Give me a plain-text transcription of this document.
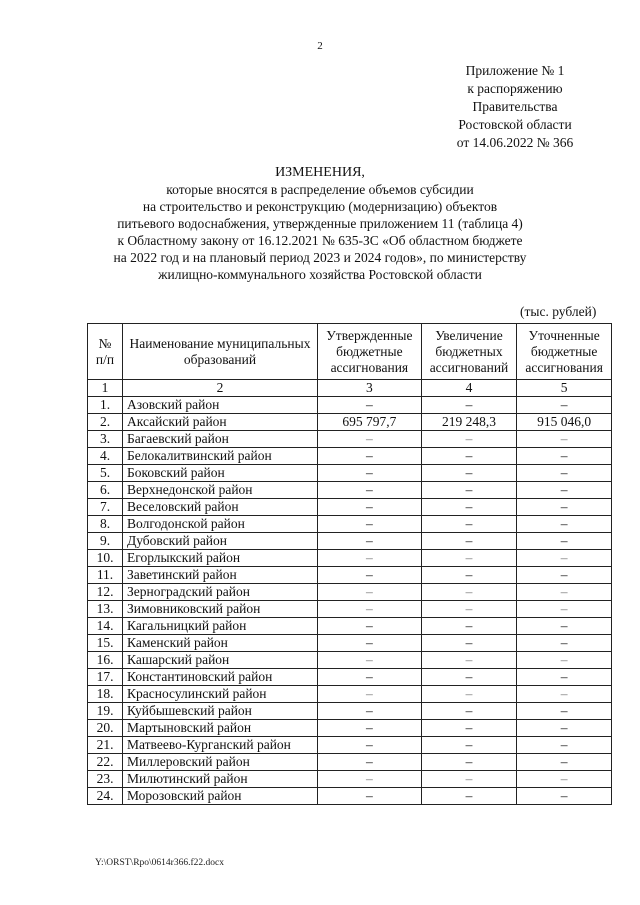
2
Приложение № 1
к распоряжению
Правительства
Ростовской области
от 14.06.2022 № 366
ИЗМЕНЕНИЯ,
которые вносятся в распределение объемов субсидии
на строительство и реконструкцию (модернизацию) объектов
питьевого водоснабжения, утвержденные приложением 11 (таблица 4)
к Областному закону от 16.12.2021 № 635-ЗС «Об областном бюджете
на 2022 год и на плановый период 2023 и 2024 годов», по министерству
жилищно-коммунального хозяйства Ростовской области
(тыс. рублей)
№ п/п	Наименование муниципальных образований	Утвержденные бюджетные ассигнования	Увеличение бюджетных ассигнований	Уточненные бюджетные ассигнования
1	2	3	4	5
1.	Азовский район	–	–	–
2.	Аксайский район	695 797,7	219 248,3	915 046,0
3.	Багаевский район	–	–	–
4.	Белокалитвинский район	–	–	–
5.	Боковский район	–	–	–
6.	Верхнедонской район	–	–	–
7.	Веселовский район	–	–	–
8.	Волгодонской район	–	–	–
9.	Дубовский район	–	–	–
10.	Егорлыкский район	–	–	–
11.	Заветинский район	–	–	–
12.	Зерноградский район	–	–	–
13.	Зимовниковский район	–	–	–
14.	Кагальницкий район	–	–	–
15.	Каменский район	–	–	–
16.	Кашарский район	–	–	–
17.	Константиновский район	–	–	–
18.	Красносулинский район	–	–	–
19.	Куйбышевский район	–	–	–
20.	Мартыновский район	–	–	–
21.	Матвеево-Курганский район	–	–	–
22.	Миллеровский район	–	–	–
23.	Милютинский район	–	–	–
24.	Морозовский район	–	–	–
Y:\ORST\Rpo\0614r366.f22.docx
